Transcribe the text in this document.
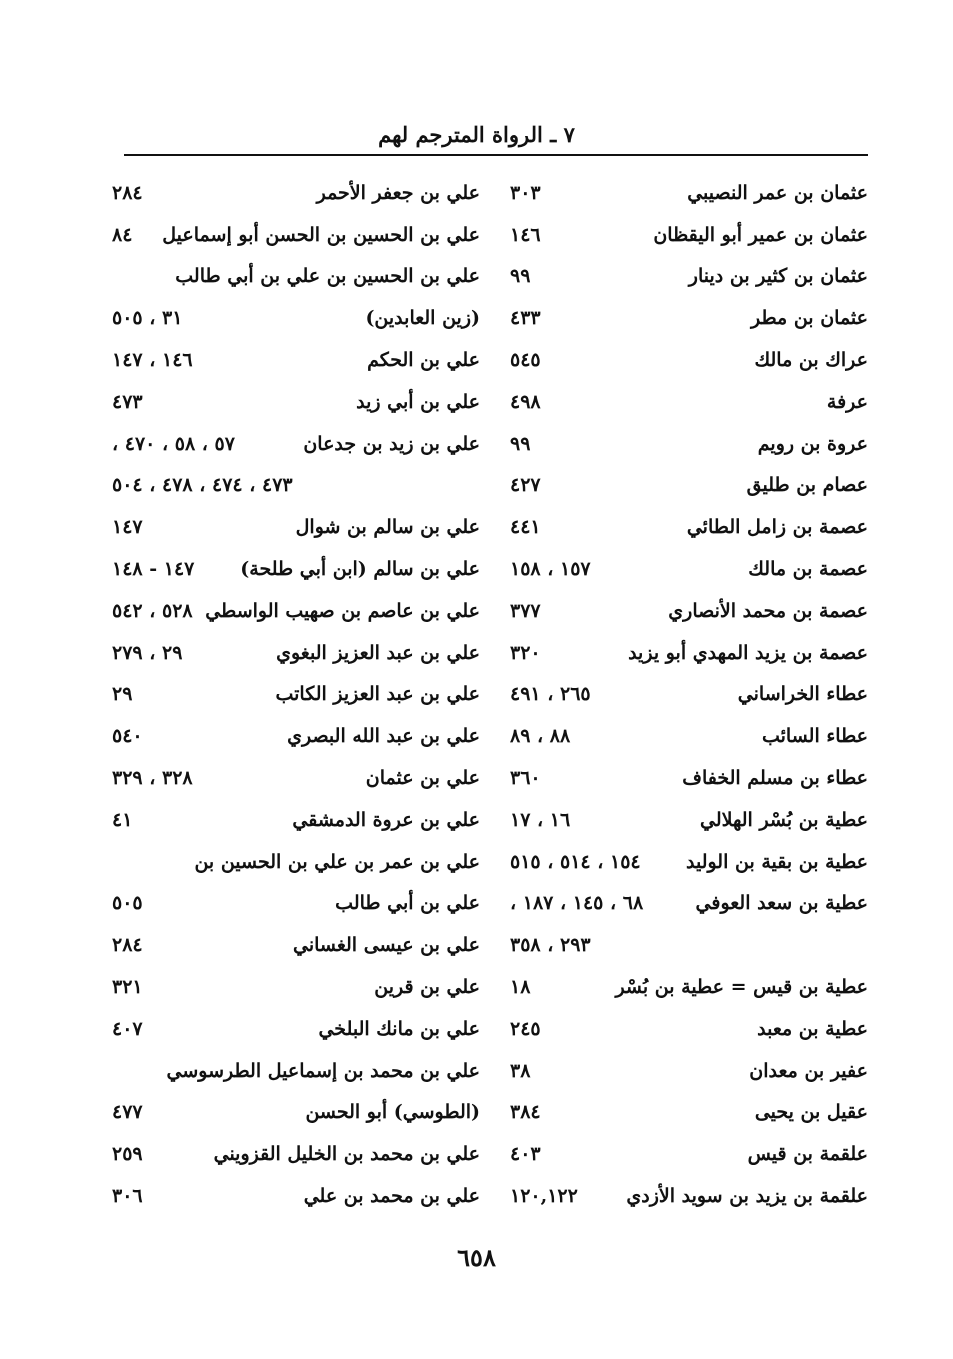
٧ ـ الرواة المترجم لهم
عثمان بن عمر النصيبي
٣٠٣
عثمان بن عمير أبو اليقظان
١٤٦
عثمان بن كثير بن دينار
٩٩
عثمان بن مطر
٤٣٣
عراك بن مالك
٥٤٥
عرفة
٤٩٨
عروة بن رويم
٩٩
عصام بن طليق
٤٢٧
عصمة بن زامل الطائي
٤٤١
عصمة بن مالك
١٥٧ ، ١٥٨
عصمة بن محمد الأنصاري
٣٧٧
عصمة بن يزيد المهدي أبو يزيد
٣٢٠
عطاء الخراساني
٢٦٥ ، ٤٩١
عطاء السائب
٨٨ ، ٨٩
عطاء بن مسلم الخفاف
٣٦٠
عطية بن بُسْر الهلالي
١٦ ، ١٧
عطية بن بقية بن الوليد
١٥٤ ، ٥١٤ ، ٥١٥
عطية بن سعد العوفي
٦٨ ، ١٤٥ ، ١٨٧ ،
٢٩٣ ، ٣٥٨
عطية بن قيس = عطية بن بُسْر
١٨
عطية بن معبد
٢٤٥
عفير بن معدان
٣٨
عقيل بن يحيى
٣٨٤
علقمة بن قيس
٤٠٣
علقمة بن يزيد بن سويد الأزدي
١٢٠,١٢٢
علي بن جعفر الأحمر
٢٨٤
علي بن الحسين بن الحسن أبو إسماعيل
٨٤
علي بن الحسين بن علي بن أبي طالب
(زين العابدين)
٣١ ، ٥٠٥
علي بن الحكم
١٤٦ ، ١٤٧
علي بن أبي زيد
٤٧٣
علي بن زيد بن جدعان
٥٧ ، ٥٨ ، ٤٧٠ ،
٤٧٣ ، ٤٧٤ ، ٤٧٨ ، ٥٠٤
علي بن سالم بن شوال
١٤٧
علي بن سالم (ابن أبي طلحة)
١٤٧ - ١٤٨
علي بن عاصم بن صهيب الواسطي
٥٢٨ ، ٥٤٢
علي بن عبد العزيز البغوي
٢٩ ، ٢٧٩
علي بن عبد العزيز الكاتب
٢٩
علي بن عبد الله البصري
٥٤٠
علي بن عثمان
٣٢٨ ، ٣٢٩
علي بن عروة الدمشقي
٤١
علي بن عمر بن علي بن الحسين بن
علي بن أبي طالب
٥٠٥
علي بن عيسى الغساني
٢٨٤
علي بن قرين
٣٢١
علي بن مانك البلخي
٤٠٧
علي بن محمد بن إسماعيل الطرسوسي
(الطوسي) أبو الحسن
٤٧٧
علي بن محمد بن الخليل القزويني
٢٥٩
علي بن محمد بن علي
٣٠٦
٦٥٨
